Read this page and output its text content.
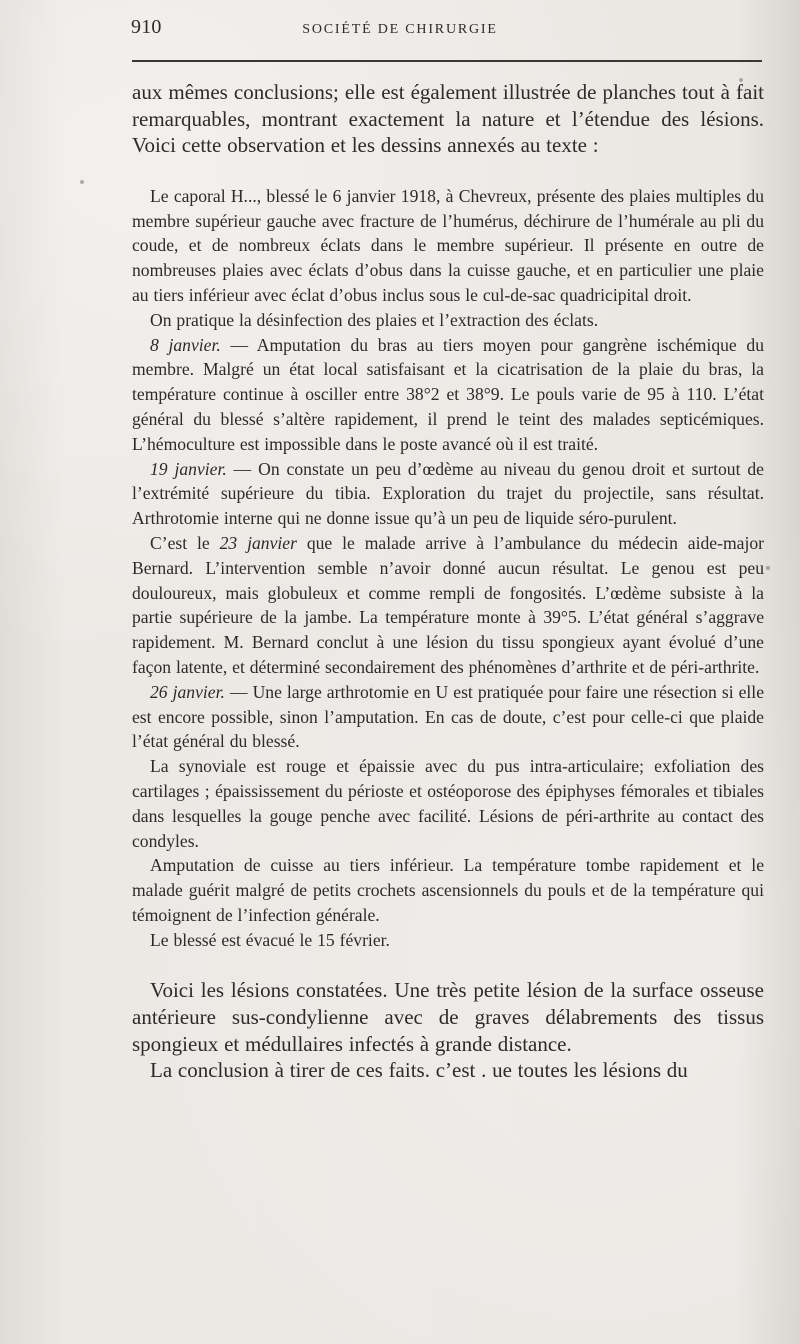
910	SOCIÉTÉ DE CHIRURGIE

aux mêmes conclusions; elle est également illustrée de planches tout à fait remarquables, montrant exactement la nature et l’étendue des lésions. Voici cette observation et les dessins annexés au texte :

Le caporal H..., blessé le 6 janvier 1918, à Chevreux, présente des plaies multiples du membre supérieur gauche avec fracture de l’humérus, déchirure de l’humérale au pli du coude, et de nombreux éclats dans le membre supérieur. Il présente en outre de nombreuses plaies avec éclats d’obus dans la cuisse gauche, et en particulier une plaie au tiers inférieur avec éclat d’obus inclus sous le cul-de-sac quadricipital droit.

On pratique la désinfection des plaies et l’extraction des éclats.

8 janvier. — Amputation du bras au tiers moyen pour gangrène ischémique du membre. Malgré un état local satisfaisant et la cicatrisation de la plaie du bras, la température continue à osciller entre 38°2 et 38°9. Le pouls varie de 95 à 110. L’état général du blessé s’altère rapidement, il prend le teint des malades septicémiques. L’hémoculture est impossible dans le poste avancé où il est traité.

19 janvier. — On constate un peu d’œdème au niveau du genou droit et surtout de l’extrémité supérieure du tibia. Exploration du trajet du projectile, sans résultat. Arthrotomie interne qui ne donne issue qu’à un peu de liquide séro-purulent.

C’est le 23 janvier que le malade arrive à l’ambulance du médecin aide-major Bernard. L’intervention semble n’avoir donné aucun résultat. Le genou est peu douloureux, mais globuleux et comme rempli de fongosités. L’œdème subsiste à la partie supérieure de la jambe. La température monte à 39°5. L’état général s’aggrave rapidement. M. Bernard conclut à une lésion du tissu spongieux ayant évolué d’une façon latente, et déterminé secondairement des phénomènes d’arthrite et de péri-arthrite.

26 janvier. — Une large arthrotomie en U est pratiquée pour faire une résection si elle est encore possible, sinon l’amputation. En cas de doute, c’est pour celle-ci que plaide l’état général du blessé.

La synoviale est rouge et épaissie avec du pus intra-articulaire; exfoliation des cartilages ; épaississement du périoste et ostéoporose des épiphyses fémorales et tibiales dans lesquelles la gouge penche avec facilité. Lésions de péri-arthrite au contact des condyles.

Amputation de cuisse au tiers inférieur. La température tombe rapidement et le malade guérit malgré de petits crochets ascensionnels du pouls et de la température qui témoignent de l’infection générale.

Le blessé est évacué le 15 février.

Voici les lésions constatées. Une très petite lésion de la surface osseuse antérieure sus-condylienne avec de graves délabrements des tissus spongieux et médullaires infectés à grande distance.

La conclusion à tirer de ces faits. c’est . ue toutes les lésions du
